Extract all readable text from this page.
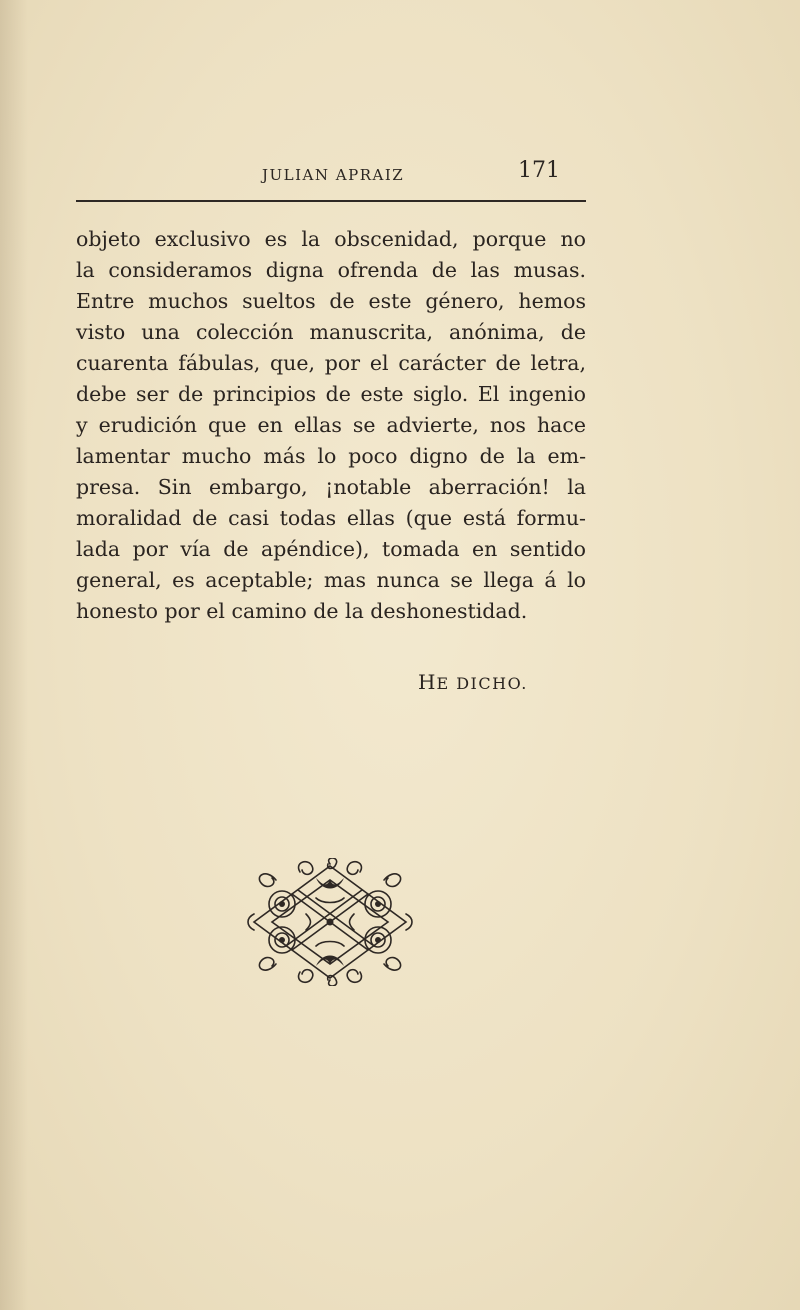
JULIAN APRAIZ	171
objeto exclusivo es la obscenidad, porque no
la consideramos digna ofrenda de las musas.
Entre muchos sueltos de este género, hemos
visto una colección manuscrita, anónima, de
cuarenta fábulas, que, por el carácter de letra,
debe ser de principios de este siglo. El ingenio
y erudición que en ellas se advierte, nos hace
lamentar mucho más lo poco digno de la em-
presa. Sin embargo, ¡notable aberración! la
moralidad de casi todas ellas (que está formu-
lada por vía de apéndice), tomada en sentido
general, es aceptable; mas nunca se llega á lo
honesto por el camino de la deshonestidad.
HE DICHO.
